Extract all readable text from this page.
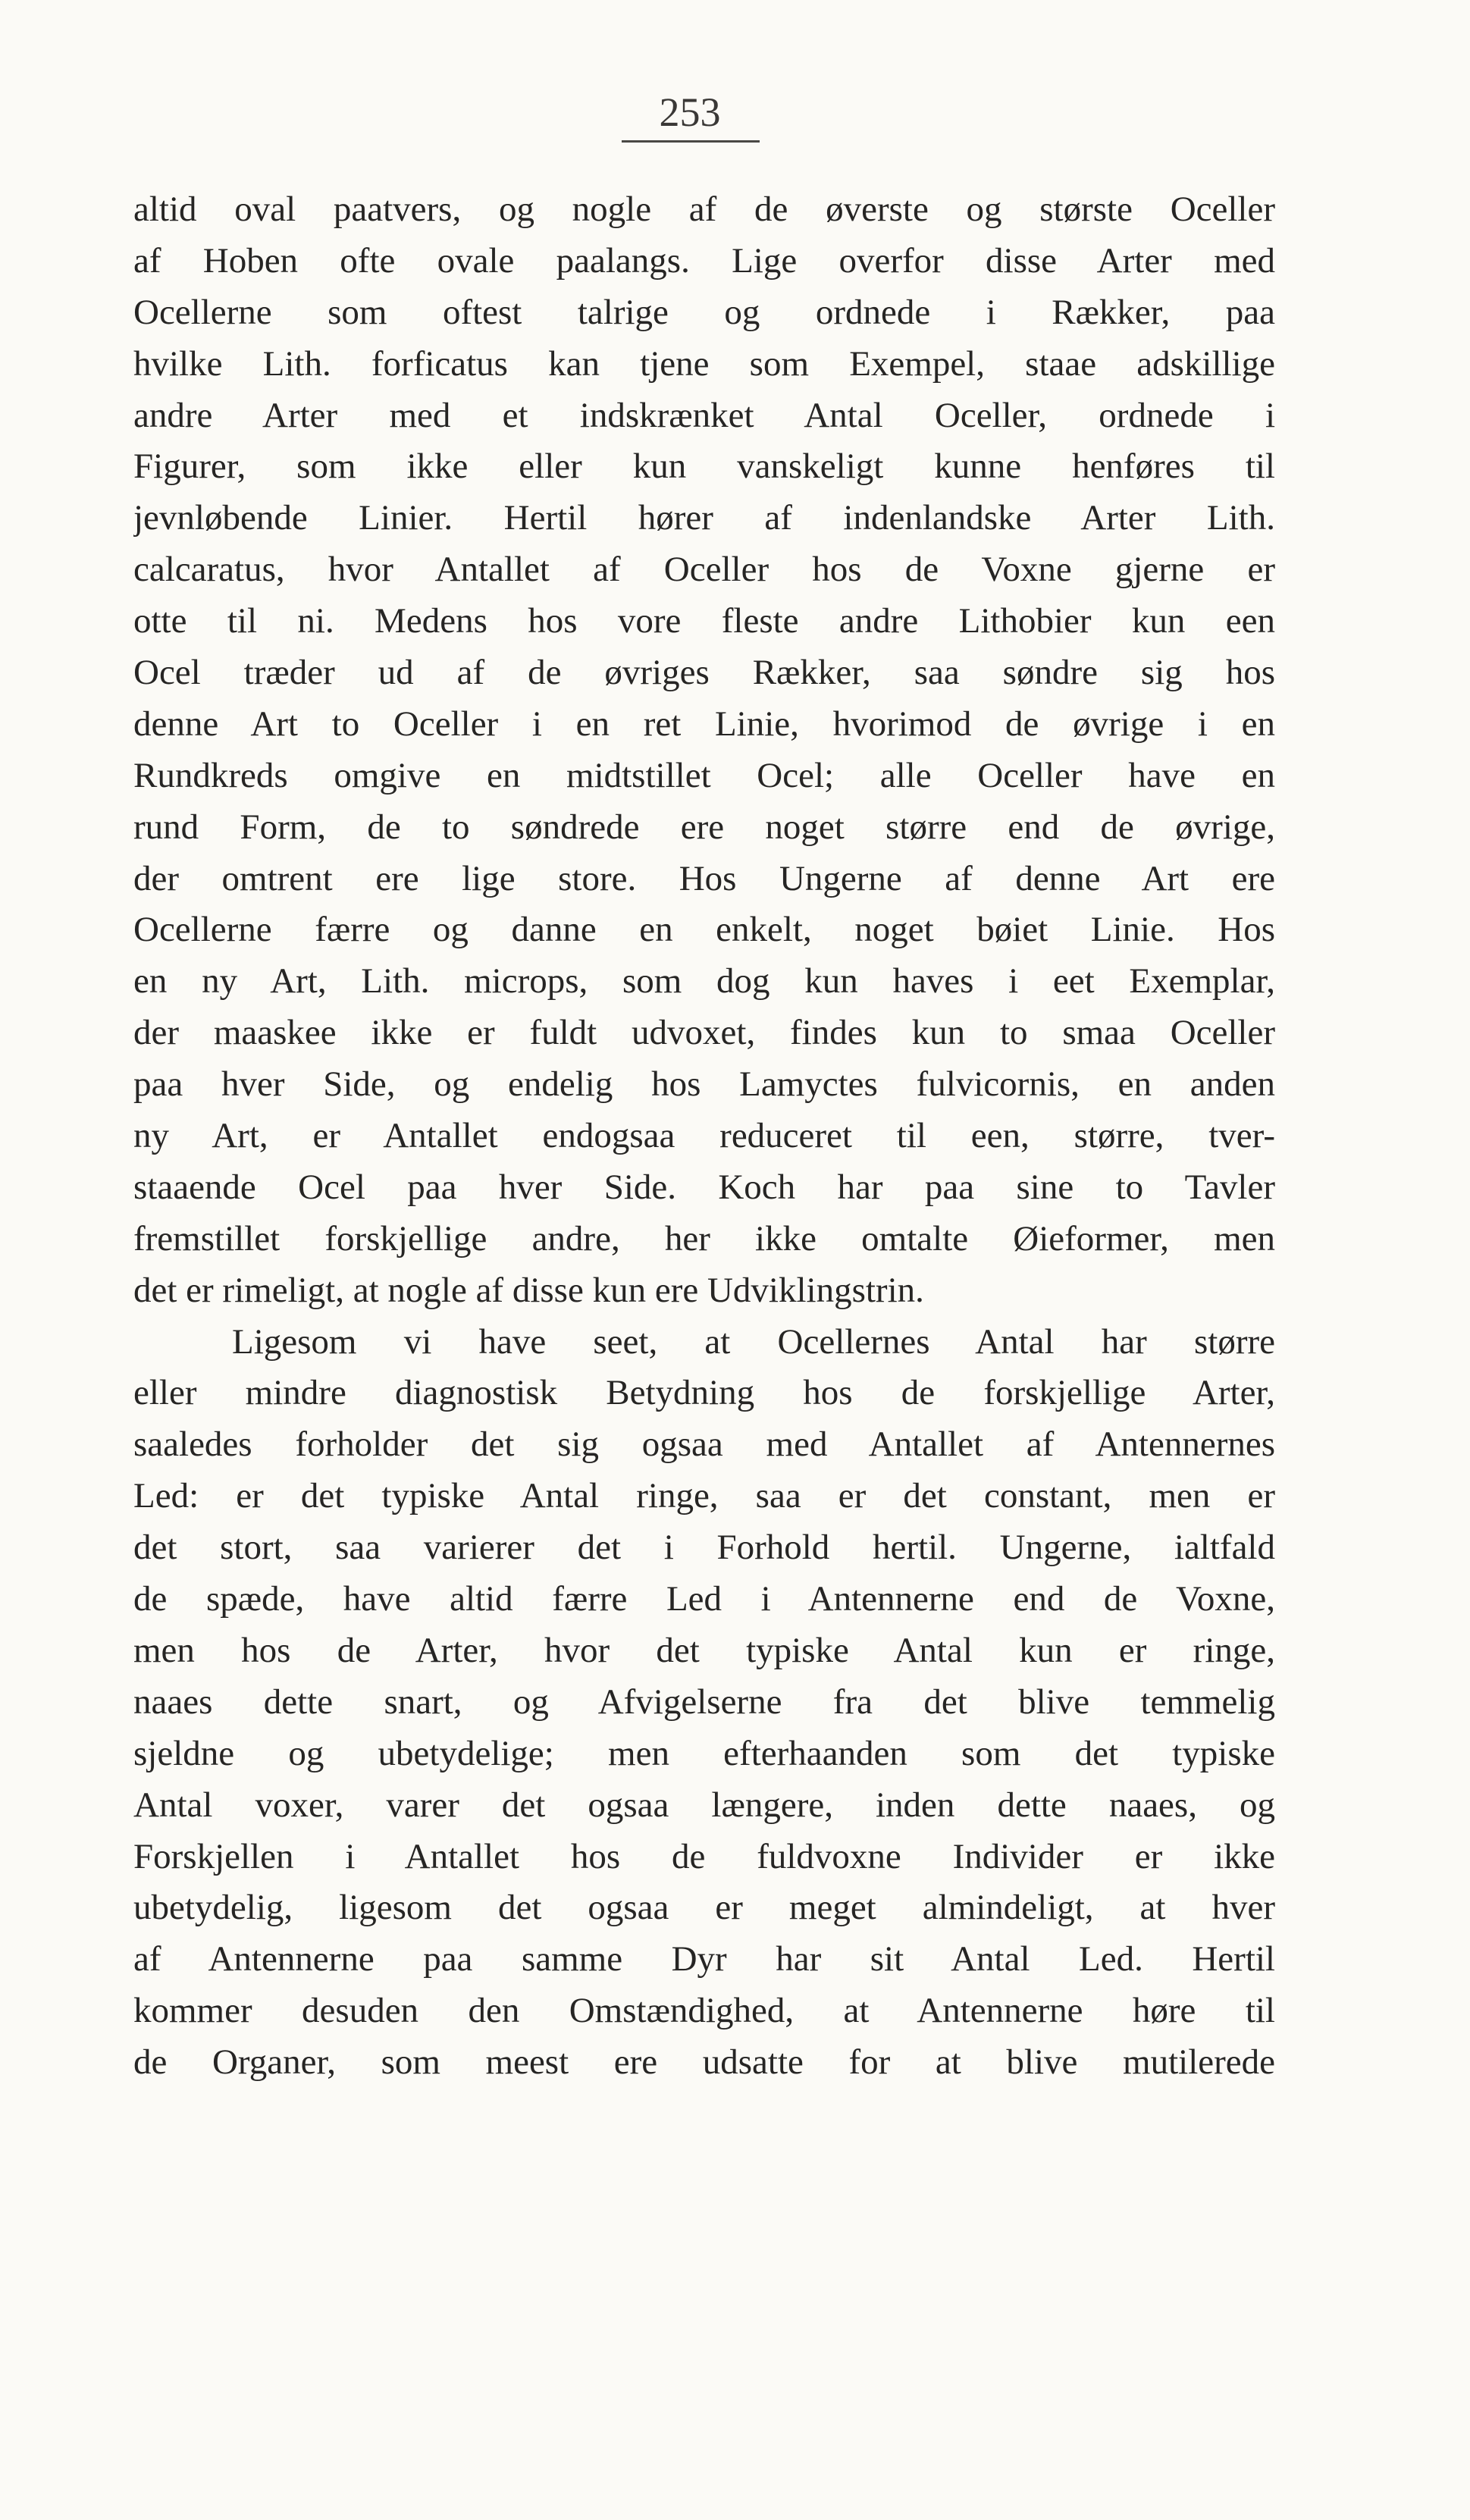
253
altid oval paatvers, og nogle af de øverste og største Oceller
af Hoben ofte ovale paalangs. Lige overfor disse Arter med
Ocellerne som oftest talrige og ordnede i Rækker, paa
hvilke Lith. forficatus kan tjene som Exempel, staae adskillige
andre Arter med et indskrænket Antal Oceller, ordnede i
Figurer, som ikke eller kun vanskeligt kunne henføres til
jevnløbende Linier. Hertil hører af indenlandske Arter Lith.
calcaratus, hvor Antallet af Oceller hos de Voxne gjerne er
otte til ni. Medens hos vore fleste andre Lithobier kun een
Ocel træder ud af de øvriges Rækker, saa søndre sig hos
denne Art to Oceller i en ret Linie, hvorimod de øvrige i en
Rundkreds omgive en midtstillet Ocel; alle Oceller have en
rund Form, de to søndrede ere noget større end de øvrige,
der omtrent ere lige store. Hos Ungerne af denne Art ere
Ocellerne færre og danne en enkelt, noget bøiet Linie. Hos
en ny Art, Lith. microps, som dog kun haves i eet Exemplar,
der maaskee ikke er fuldt udvoxet, findes kun to smaa Oceller
paa hver Side, og endelig hos Lamyctes fulvicornis, en anden
ny Art, er Antallet endogsaa reduceret til een, større, tver-
staaende Ocel paa hver Side. Koch har paa sine to Tavler
fremstillet forskjellige andre, her ikke omtalte Øieformer, men
det er rimeligt, at nogle af disse kun ere Udviklingstrin.
Ligesom vi have seet, at Ocellernes Antal har større
eller mindre diagnostisk Betydning hos de forskjellige Arter,
saaledes forholder det sig ogsaa med Antallet af Antennernes
Led: er det typiske Antal ringe, saa er det constant, men er
det stort, saa varierer det i Forhold hertil. Ungerne, ialtfald
de spæde, have altid færre Led i Antennerne end de Voxne,
men hos de Arter, hvor det typiske Antal kun er ringe,
naaes dette snart, og Afvigelserne fra det blive temmelig
sjeldne og ubetydelige; men efterhaanden som det typiske
Antal voxer, varer det ogsaa længere, inden dette naaes, og
Forskjellen i Antallet hos de fuldvoxne Individer er ikke
ubetydelig, ligesom det ogsaa er meget almindeligt, at hver
af Antennerne paa samme Dyr har sit Antal Led. Hertil
kommer desuden den Omstændighed, at Antennerne høre til
de Organer, som meest ere udsatte for at blive mutilerede
